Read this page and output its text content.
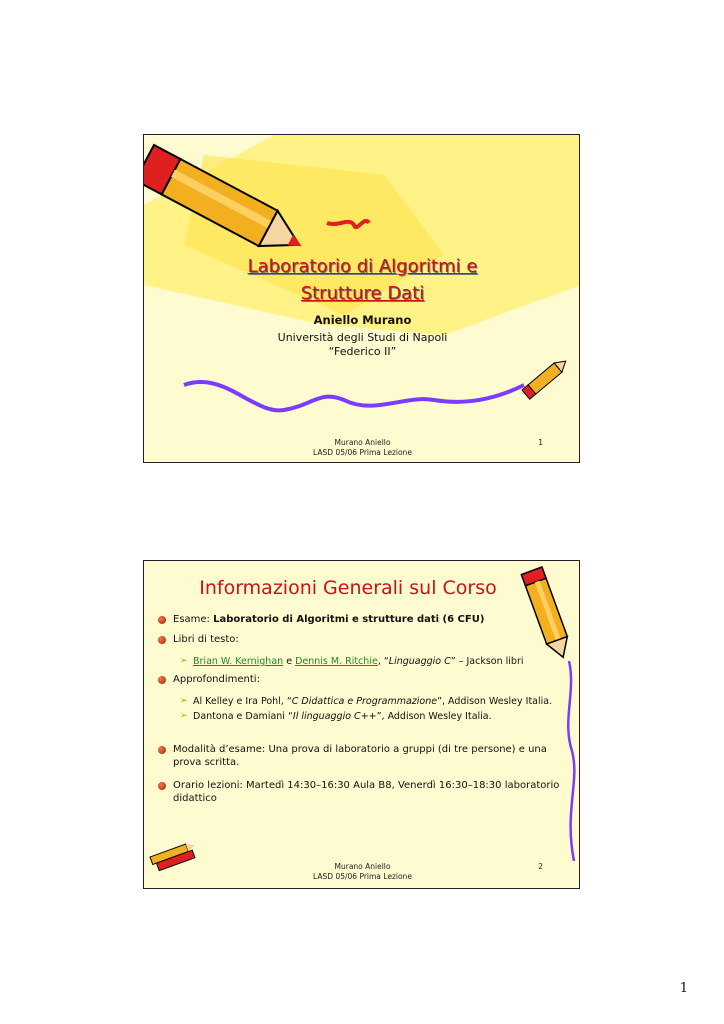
Laboratorio di Algoritmi e
Strutture Dati
Aniello Murano
Università degli Studi di Napoli
“Federico II”
Murano Aniello
LASD 05/06 Prima Lezione
1
Informazioni Generali sul Corso

Esame: Laboratorio di Algoritmi e strutture dati (6 CFU)

Libri di testo:

➢ Brian W. Kernighan e Dennis M. Ritchie, “Linguaggio C” – Jackson libri

Approfondimenti:

➢ Al Kelley e Ira Pohl, “C Didattica e Programmazione”, Addison Wesley Italia.

➢ Dantona e Damiani “Il linguaggio C++”, Addison Wesley Italia.

Modalità d’esame: Una prova di laboratorio a gruppi (di tre persone) e una prova scritta.

Orario lezioni: Martedì 14:30–16:30 Aula B8, Venerdì 16:30–18:30 laboratorio didattico

Murano Aniello
LASD 05/06 Prima Lezione
2
1
